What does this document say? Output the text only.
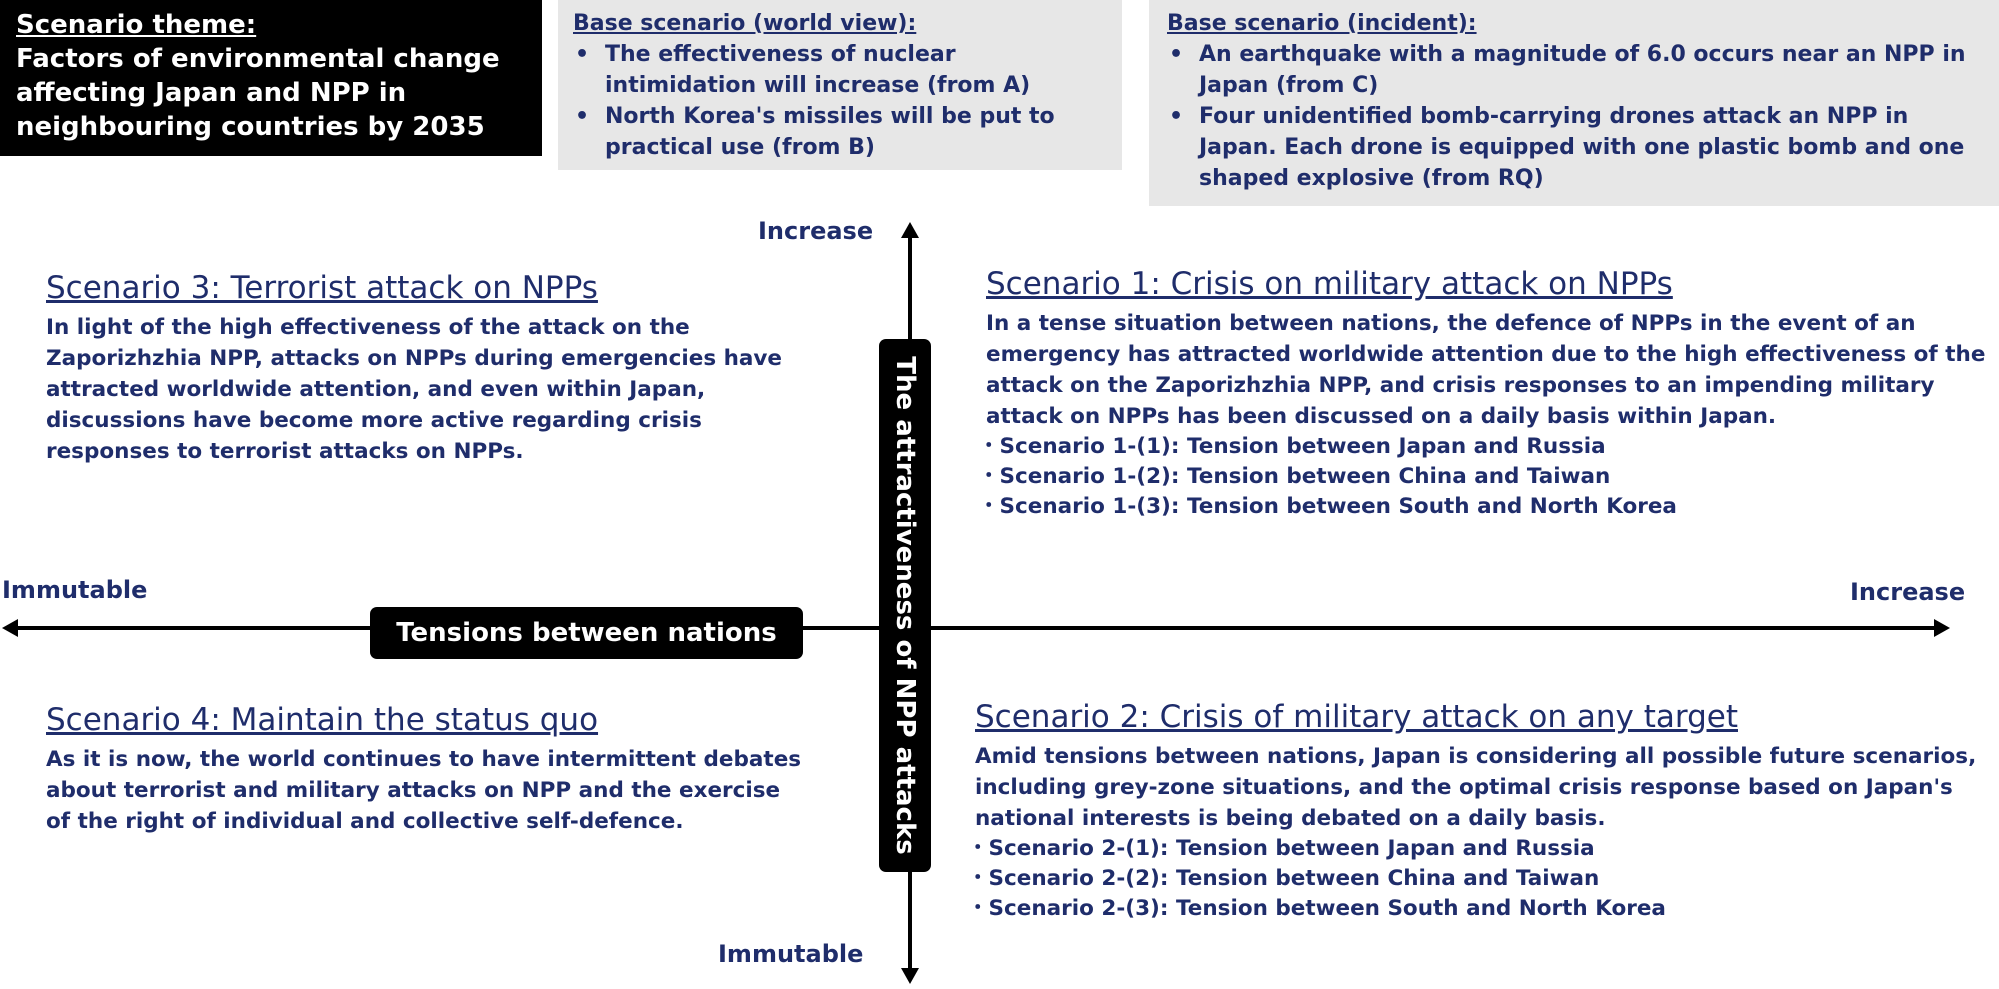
Scenario theme:
Factors of environmental change
affecting Japan and NPP in
neighbouring countries by 2035
Base scenario (world view):
• The effectiveness of nuclear intimidation will increase (from A)
• North Korea's missiles will be put to practical use (from B)
Base scenario (incident):
• An earthquake with a magnitude of 6.0 occurs near an NPP in Japan (from C)
• Four unidentified bomb-carrying drones attack an NPP in Japan. Each drone is equipped with one plastic bomb and one shaped explosive (from RQ)
Increase
Immutable
Immutable	Increase
Tensions between nations	The attractiveness of NPP attacks
Scenario 3: Terrorist attack on NPPs
In light of the high effectiveness of the attack on the Zaporizhzhia NPP, attacks on NPPs during emergencies have attracted worldwide attention, and even within Japan, discussions have become more active regarding crisis responses to terrorist attacks on NPPs.
Scenario 1: Crisis on military attack on NPPs
In a tense situation between nations, the defence of NPPs in the event of an emergency has attracted worldwide attention due to the high effectiveness of the attack on the Zaporizhzhia NPP, and crisis responses to an impending military attack on NPPs has been discussed on a daily basis within Japan.
・ Scenario 1-(1): Tension between Japan and Russia
・ Scenario 1-(2): Tension between China and Taiwan
・ Scenario 1-(3): Tension between South and North Korea
Scenario 4: Maintain the status quo
As it is now, the world continues to have intermittent debates about terrorist and military attacks on NPP and the exercise of the right of individual and collective self-defence.
Scenario 2: Crisis of military attack on any target
Amid tensions between nations, Japan is considering all possible future scenarios, including grey-zone situations, and the optimal crisis response based on Japan's national interests is being debated on a daily basis.
・ Scenario 2-(1): Tension between Japan and Russia
・ Scenario 2-(2): Tension between China and Taiwan
・ Scenario 2-(3): Tension between South and North Korea
